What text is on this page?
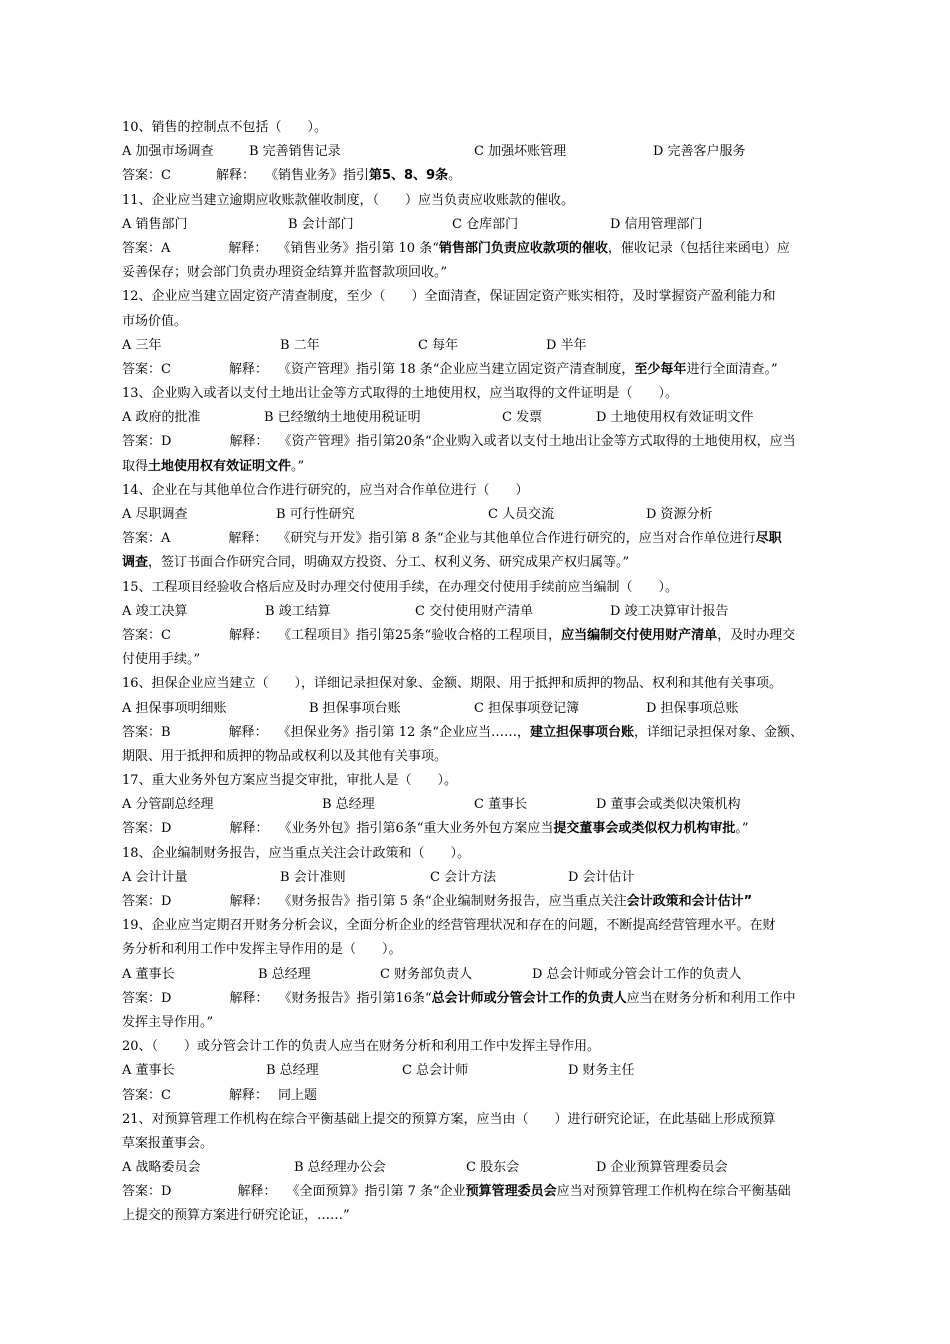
10、销售的控制点不包括（　　）。
A 加强市场调查	B 完善销售记录	C 加强坏账管理	D 完善客户服务
答案：C	解释： 《销售业务》指引第5、8、9条。
11、企业应当建立逾期应收账款催收制度，（　　）应当负责应收账款的催收。
A 销售部门	B 会计部门	C 仓库部门	D 信用管理部门
答案：A	解释： 《销售业务》指引第 10 条“销售部门负责应收款项的催收，催收记录（包括往来函电）应
妥善保存；财会部门负责办理资金结算并监督款项回收。”
12、企业应当建立固定资产清查制度，至少（　　）全面清查，保证固定资产账实相符，及时掌握资产盈利能力和
市场价值。
A 三年	B 二年	C 每年	D 半年
答案：C	解释： 《资产管理》指引第 18 条“企业应当建立固定资产清查制度，至少每年进行全面清查。”
13、企业购入或者以支付土地出让金等方式取得的土地使用权，应当取得的文件证明是（　　）。
A 政府的批准	B 已经缴纳土地使用税证明	C 发票	D 土地使用权有效证明文件
答案：D	解释： 《资产管理》指引第20条“企业购入或者以支付土地出让金等方式取得的土地使用权，应当
取得土地使用权有效证明文件。”
14、企业在与其他单位合作进行研究的，应当对合作单位进行（　　）
A 尽职调查	B 可行性研究	C 人员交流	D 资源分析
答案：A	解释： 《研究与开发》指引第 8 条“企业与其他单位合作进行研究的，应当对合作单位进行尽职
调查，签订书面合作研究合同，明确双方投资、分工、权利义务、研究成果产权归属等。”
15、工程项目经验收合格后应及时办理交付使用手续，在办理交付使用手续前应当编制（　　）。
A 竣工决算	B 竣工结算	C 交付使用财产清单	D 竣工决算审计报告
答案：C	解释： 《工程项目》指引第25条“验收合格的工程项目，应当编制交付使用财产清单，及时办理交
付使用手续。”
16、担保企业应当建立（　　），详细记录担保对象、金额、期限、用于抵押和质押的物品、权利和其他有关事项。
A 担保事项明细账	B 担保事项台账	C 担保事项登记簿	D 担保事项总账
答案：B	解释： 《担保业务》指引第 12 条“企业应当……，建立担保事项台账，详细记录担保对象、金额、
期限、用于抵押和质押的物品或权利以及其他有关事项。
17、重大业务外包方案应当提交审批，审批人是（　　）。
A 分管副总经理	B 总经理	C 董事长	D 董事会或类似决策机构
答案：D	解释： 《业务外包》指引第6条“重大业务外包方案应当提交董事会或类似权力机构审批。”
18、企业编制财务报告，应当重点关注会计政策和（　　）。
A 会计计量	B 会计准则	C 会计方法	D 会计估计
答案：D	解释： 《财务报告》指引第 5 条“企业编制财务报告，应当重点关注会计政策和会计估计”
19、企业应当定期召开财务分析会议，全面分析企业的经营管理状况和存在的问题，不断提高经营管理水平。在财
务分析和利用工作中发挥主导作用的是（　　）。
A 董事长	B 总经理	C 财务部负责人	D 总会计师或分管会计工作的负责人
答案：D	解释： 《财务报告》指引第16条“总会计师或分管会计工作的负责人应当在财务分析和利用工作中
发挥主导作用。”
20、（　　）或分管会计工作的负责人应当在财务分析和利用工作中发挥主导作用。
A 董事长	B 总经理	C 总会计师	D 财务主任
答案：C	解释： 同上题
21、对预算管理工作机构在综合平衡基础上提交的预算方案，应当由（　　）进行研究论证，在此基础上形成预算
草案报董事会。
A 战略委员会	B 总经理办公会	C 股东会	D 企业预算管理委员会
答案：D	解释： 《全面预算》指引第 7 条“企业预算管理委员会应当对预算管理工作机构在综合平衡基础
上提交的预算方案进行研究论证，……”
